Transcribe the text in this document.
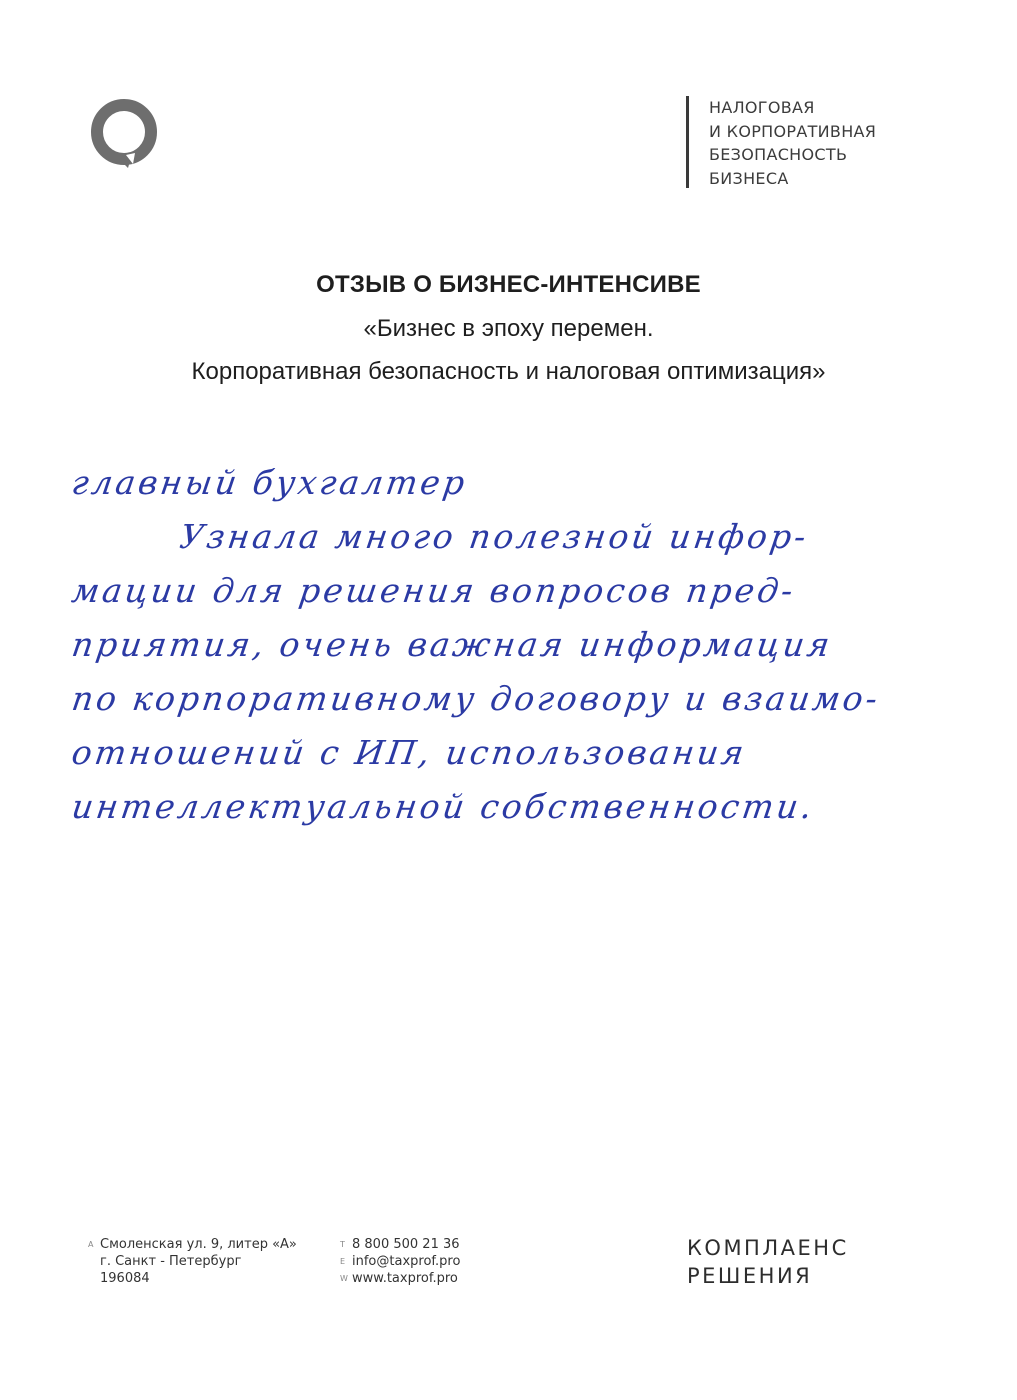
НАЛОГОВАЯ
И КОРПОРАТИВНАЯ
БЕЗОПАСНОСТЬ
БИЗНЕСА

ОТЗЫВ О БИЗНЕС-ИНТЕНСИВЕ

«Бизнес в эпоху перемен.

Корпоративная безопасность и налоговая оптимизация»

главный бухгалтер
Узнала много полезной инфор-
мации для решения вопросов пред-
приятия, очень важная информация
по корпоративному договору и взаимо-
отношений с ИП, использования
интеллектуальной собственности.
A Смоленская ул. 9, литер «А»
г. Санкт - Петербург
196084
T 8 800 500 21 36
E info@taxprof.pro
W www.taxprof.pro
КОМПЛАЕНС
РЕШЕНИЯ
